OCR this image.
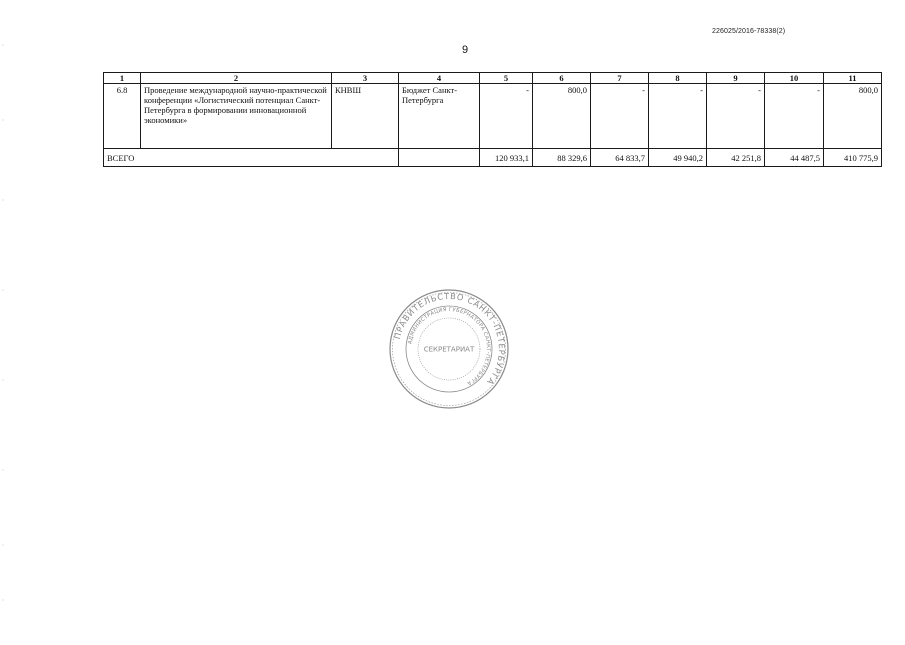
226025/2016-78338(2)
9
1	2	3	4	5	6	7	8	9	10	11
6.8	Проведение международной научно-практической конференции «Логистический потенциал Санкт-Петербурга в формировании инновационной экономики»	КНВШ	Бюджет Санкт-Петербурга	-	800,0	-	-	-	-	800,0
ВСЕГО				120 933,1	88 329,6	64 833,7	49 940,2	42 251,8	44 487,5	410 775,9
ПРАВИТЕЛЬСТВО САНКТ-ПЕТЕРБУРГА
АДМИНИСТРАЦИЯ ГУБЕРНАТОРА САНКТ-ПЕТЕРБУРГА
СЕКРЕТАРИАТ
